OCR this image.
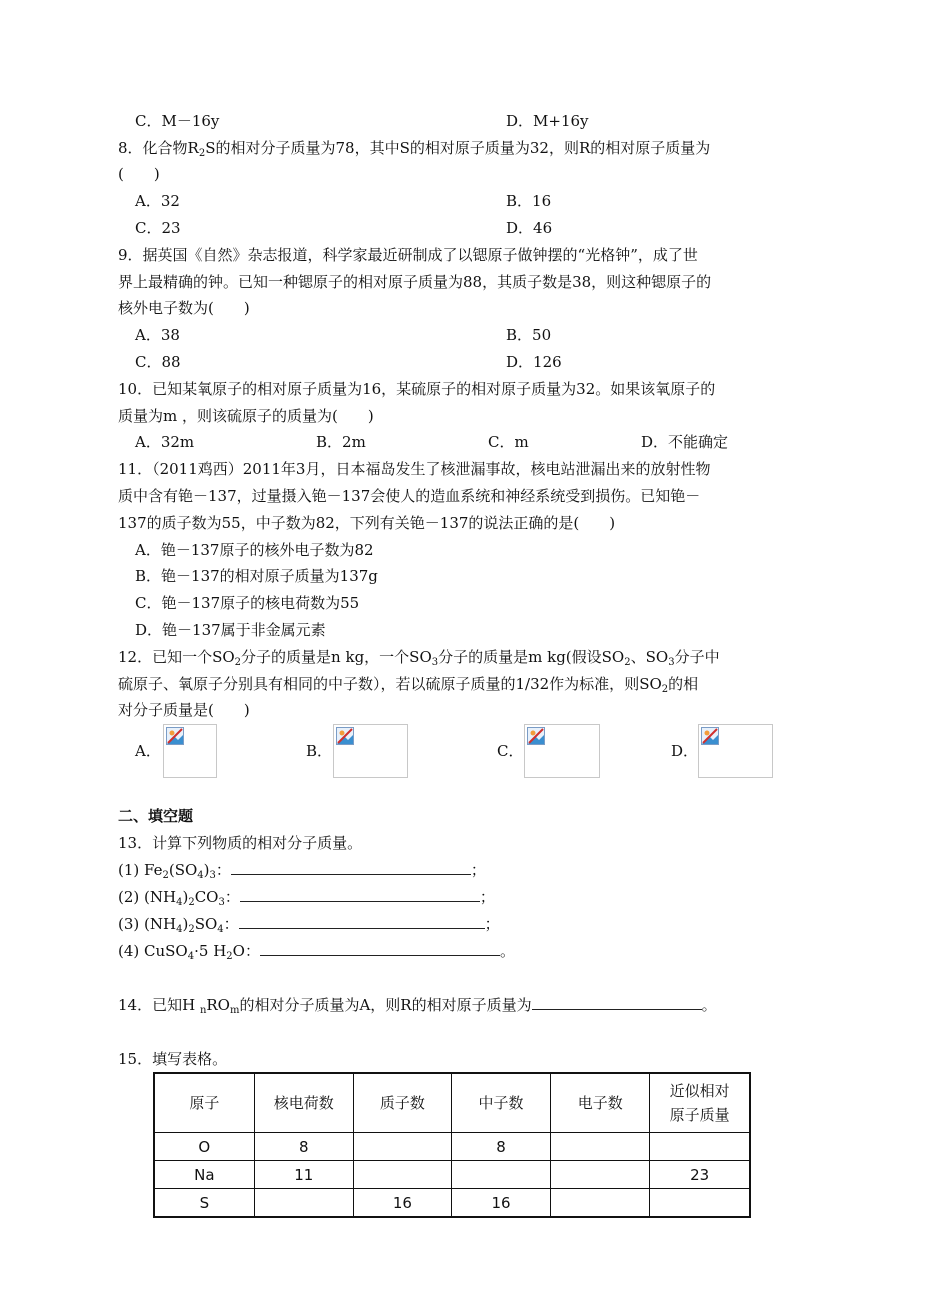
C．M－16y	D．M+16y
8．化合物$R_2S$的相对分子质量为78，其中S的相对原子质量为32，则R的相对原子质量为
(　　)
A．32	B．16
C．23	D．46
9．据英国《自然》杂志报道，科学家最近研制成了以锶原子做钟摆的“光格钟”，成了世
界上最精确的钟。已知一种锶原子的相对原子质量为88，其质子数是38，则这种锶原子的
核外电子数为(　　)
A．38	B．50
C．88	D．126
10．已知某氧原子的相对原子质量为16，某硫原子的相对原子质量为32。如果该氧原子的
质量为m ，则该硫原子的质量为(　　)
A．32m	B．2m	C．m	D．不能确定
11．（2011鸡西）2011年3月，日本福岛发生了核泄漏事故，核电站泄漏出来的放射性物
质中含有铯－137，过量摄入铯－137会使人的造血系统和神经系统受到损伤。已知铯－
137的质子数为55，中子数为82，下列有关铯－137的说法正确的是(　　)
A．铯－137原子的核外电子数为82
B．铯－137的相对原子质量为137g
C．铯－137原子的核电荷数为55
D．铯－137属于非金属元素
12．已知一个$SO_2$分子的质量是n kg，一个$SO_3$分子的质量是m kg(假设$SO_2$、$SO_3$分子中
硫原子、氧原子分别具有相同的中子数），若以硫原子质量的1/32作为标准，则$SO_2$的相
对分子质量是(　　)
A．	B．	C．	D．
二、填空题
13．计算下列物质的相对分子质量。
(1) $Fe_2(SO_4)_3$：	；
(2) $(NH_4)_2CO_3$：	；
(3) $(NH_4)_2SO_4$：	；
(4) CuSO$_4$·5 $H_2O$：	。
14．已知H $_nRO_m$的相对分子质量为A，则R的相对原子质量为	。
15．填写表格。
原子	核电荷数	质子数	中子数	电子数	近似相对
原子质量
O	8		8		
Na	11				23
S		16	16		
